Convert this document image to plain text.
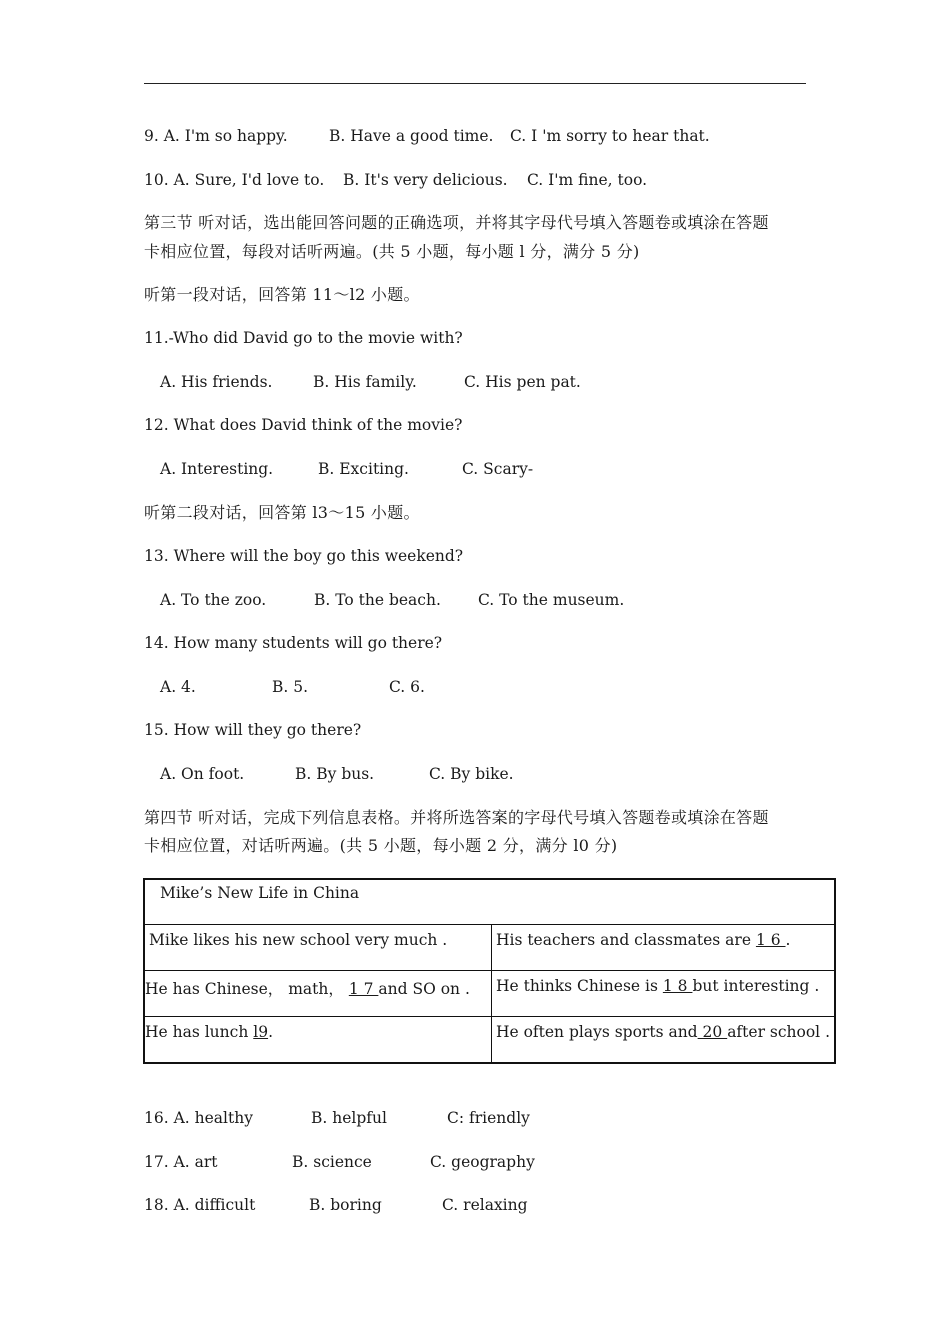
9. A. I'm so happy.	B. Have a good time. C. I 'm sorry to hear that.
10. A. Sure, I'd love to. B. It's very delicious. C. I'm fine, too.
第三节 听对话，选出能回答问题的正确选项，并将其字母代号填入答题卷或填涂在答题
卡相应位置，每段对话听两遍。(共 5 小题，每小题 l 分，满分 5 分)
听第一段对话，回答第 11～l2 小题。
11.-Who did David go to the movie with?
A. His friends.	B. His family.	C. His pen pat.
12. What does David think of the movie?
A. Interesting.	B. Exciting.	C. Scary-
听第二段对话，回答第 l3～15 小题。
13. Where will the boy go this weekend?
A. To the zoo.	B. To the beach. C. To the museum.
14. How many students will go there?
A. 4.	B. 5.	C. 6.
15. How will they go there?
A. On foot.	B. By bus.	C. By bike.
第四节 听对话，完成下列信息表格。并将所选答案的字母代号填入答题卷或填涂在答题
卡相应位置，对话听两遍。(共 5 小题，每小题 2 分，满分 l0 分)
Mike’s New Life in China	
Mike likes his new school very much .	His teachers and classmates are 1 6 .
He has Chinese， math， 1 7 and SO on .	He thinks Chinese is 1 8 but interesting .
He has lunch l9.	He often plays sports and 20 after school .
16. A. healthy	B. helpful	C: friendly
17. A. art	B. science	C. geography
18. A. difficult	B. boring	C. relaxing
